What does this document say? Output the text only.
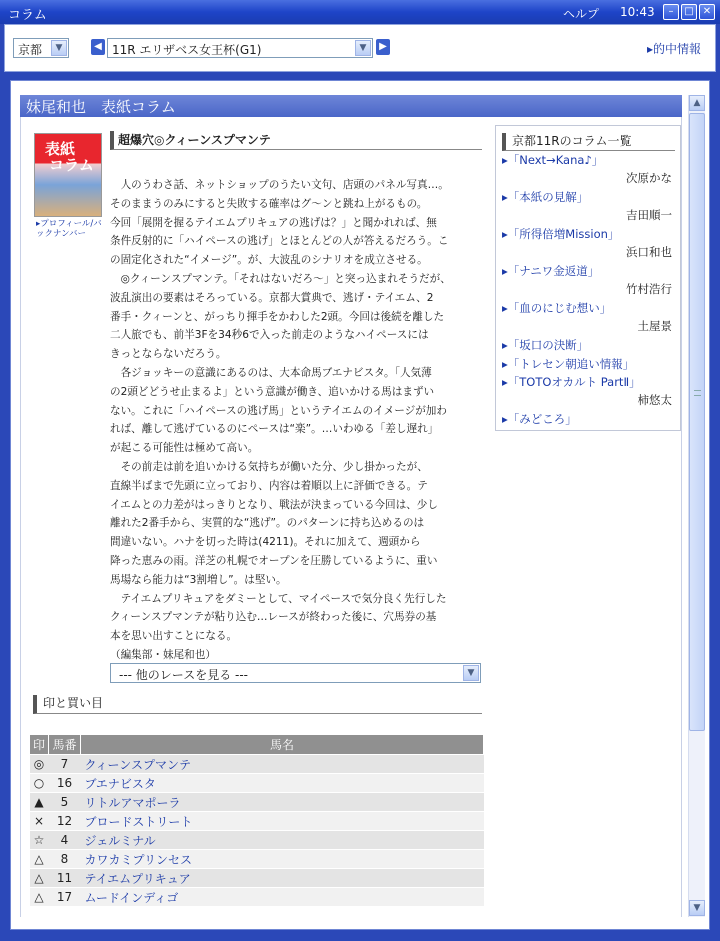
コラム	ヘルプ 10:43	–	□ ✕
京都	▼	◀ 11R エリザベス女王杯(G1)	▼	▶	▸的中情報
妹尾和也　表紙コラム
表紙
コラム
▸プロフィール/バックナンバー
超爆穴◎クィーンスプマンテ
　人のうわさ話、ネットショップのうたい文句、店頭のパネル写真…。
そのままうのみにすると失敗する確率はグ～ンと跳ね上がるもの。
今回「展開を握るテイエムプリキュアの逃げは？」と聞かれれば、無
条件反射的に「ハイペースの逃げ」とほとんどの人が答えるだろう。こ
の固定化された“イメージ”。が、大波乱のシナリオを成立させる。
　◎クィーンスプマンテ。「それはないだろ～」と突っ込まれそうだが、
波乱演出の要素はそろっている。京都大賞典で、逃げ・テイエム、2
番手・クィーンと、がっちり揮手をかわした2頭。今回は後続を離した
二人旅でも、前半3Fを34秒6で入った前走のようなハイペースには
きっとならないだろう。
　各ジョッキーの意識にあるのは、大本命馬ブエナビスタ。「人気薄
の2頭どどうせ止まるよ」という意識が働き、追いかける馬はまずい
ない。これに「ハイペースの逃げ馬」というテイエムのイメージが加わ
れば、離して逃げているのにペースは“楽”。…いわゆる「差し遅れ」
が起こる可能性は極めて高い。
　その前走は前を追いかける気持ちが働いた分、少し掛かったが、
直線半ばまで先頭に立っており、内容は着順以上に評価できる。テ
イエムとの力差がはっきりとなり、戦法が決まっている今回は、少し
離れた2番手から、実質的な“逃げ”。のパターンに持ち込めるのは
間違いない。ハナを切った時は(4211)。それに加えて、週頭から
降った恵みの雨。洋芝の札幌でオープンを圧勝しているように、重い
馬場なら能力は“3割増し”。は堅い。
　テイエムプリキュアをダミーとして、マイペースで気分良く先行した
クィーンスプマンテが粘り込む…レースが終わった後に、穴馬券の基
本を思い出すことになる。
（編集部・妹尾和也）
--- 他のレースを見る ---	▼
印と買い目
印	馬番	馬名
◎	7	クィーンスプマンテ
○	16	ブエナビスタ
▲	5	リトルアマポーラ
×	12	ブロードストリート
☆	4	ジェルミナル
△	8	カワカミプリンセス
△	11	テイエムプリキュア
△	17	ムードインディゴ
京都11Rのコラム一覧
▸「Next→Kana♪」
次原かな
▸「本紙の見解」
吉田順一
▸「所得倍増Mission」
浜口和也
▸「ナニワ金返道」
竹村浩行
▸「血のにじむ想い」
土屋景
▸「坂口の決断」
▸「トレセン朝追い情報」
▸「TOTOオカルト PartⅡ」
柿悠太
▸「みどころ」
▲
▼
